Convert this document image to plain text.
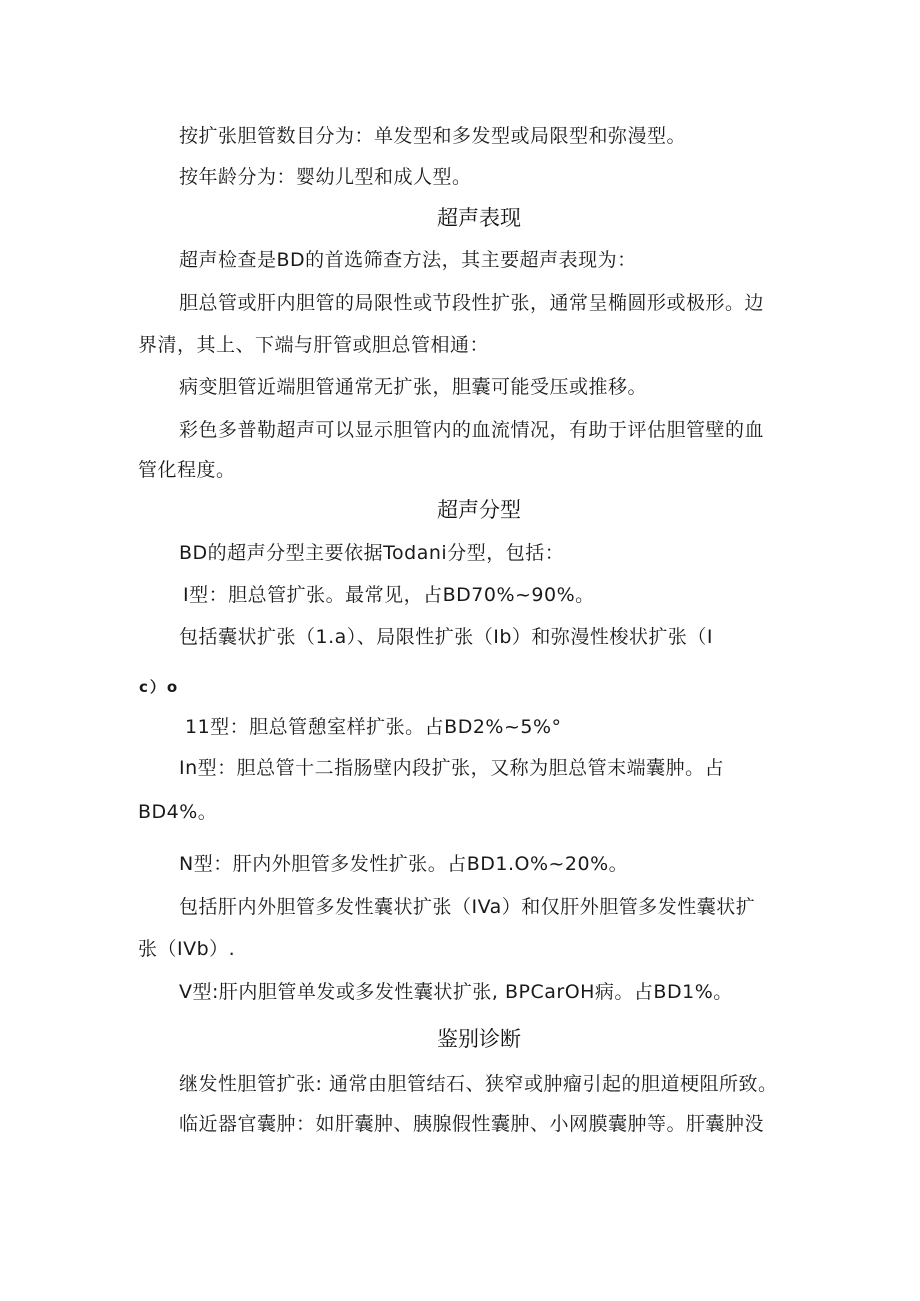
按扩张胆管数目分为：单发型和多发型或局限型和弥漫型。
按年龄分为：婴幼儿型和成人型。
超声表现
超声检查是BD的首选筛查方法，其主要超声表现为：
胆总管或肝内胆管的局限性或节段性扩张，通常呈椭圆形或极形。边
界清，其上、下端与肝管或胆总管相通：
病变胆管近端胆管通常无扩张，胆囊可能受压或推移。
彩色多普勒超声可以显示胆管内的血流情况，有助于评估胆管壁的血
管化程度。
超声分型
BD的超声分型主要依据Todani分型，包括：
I型：胆总管扩张。最常见，占BD70%~90%。
包括囊状扩张（1.a）、局限性扩张（Ib）和弥漫性梭状扩张（I
c）o
11型：胆总管憩室样扩张。占BD2%~5%°
In型：胆总管十二指肠壁内段扩张，又称为胆总管末端囊肿。占
BD4%。
N型：肝内外胆管多发性扩张。占BD1.O%~20%。
包括肝内外胆管多发性囊状扩张（IVa）和仅肝外胆管多发性囊状扩
张（IVb）.
V型:肝内胆管单发或多发性囊状扩张, BPCarOH病。占BD1%。
鉴别诊断
继发性胆管扩张: 通常由胆管结石、狭窄或肿瘤引起的胆道梗阻所致。
临近器官囊肿：如肝囊肿、胰腺假性囊肿、小网膜囊肿等。肝囊肿没
